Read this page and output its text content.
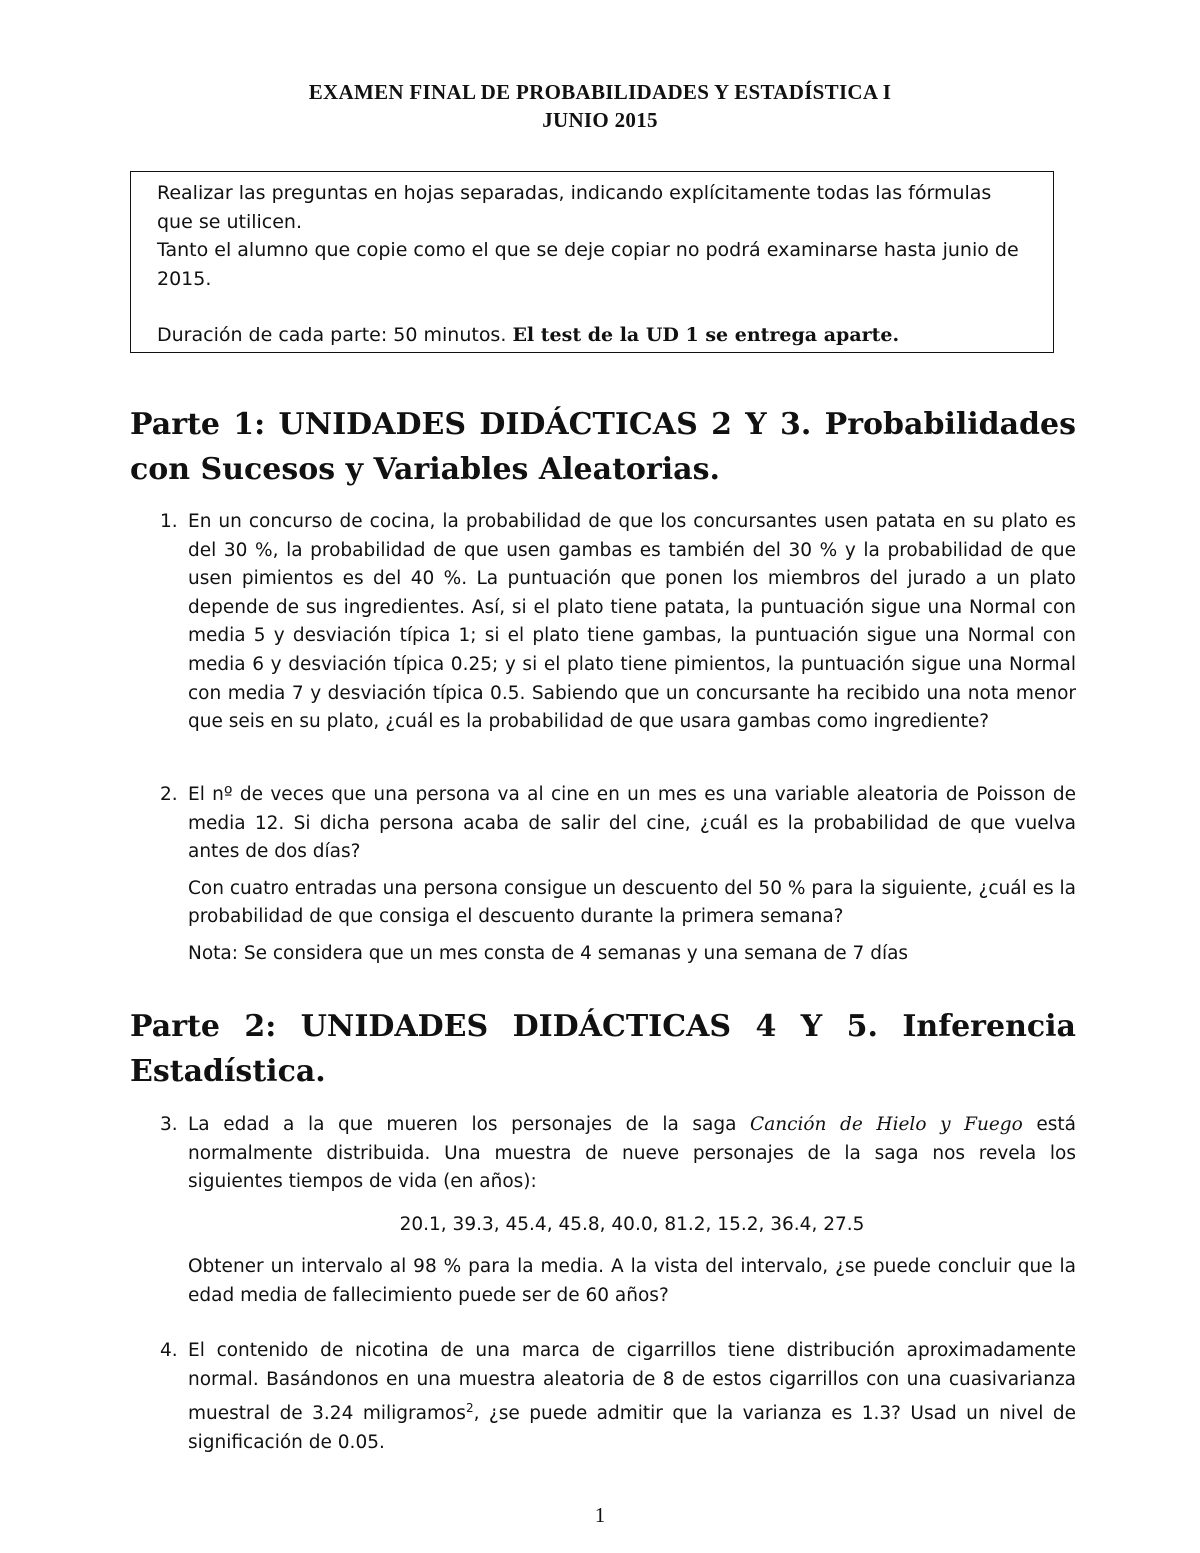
EXAMEN FINAL DE PROBABILIDADES Y ESTADÍSTICA I
JUNIO 2015

Realizar las preguntas en hojas separadas, indicando explícitamente todas las fórmulas que se utilicen.

Tanto el alumno que copie como el que se deje copiar no podrá examinarse hasta junio de 2015.

Duración de cada parte: 50 minutos. El test de la UD 1 se entrega aparte.

Parte 1: UNIDADES DIDÁCTICAS 2 Y 3. Probabilidades con Sucesos y Variables Aleatorias.
1. En un concurso de cocina, la probabilidad de que los concursantes usen patata en su plato es del 30 %, la probabilidad de que usen gambas es también del 30 % y la probabilidad de que usen pimientos es del 40 %. La puntuación que ponen los miembros del jurado a un plato depende de sus ingredientes. Así, si el plato tiene patata, la puntuación sigue una Normal con media 5 y desviación típica 1; si el plato tiene gambas, la puntuación sigue una Normal con media 6 y desviación típica 0.25; y si el plato tiene pimientos, la puntuación sigue una Normal con media 7 y desviación típica 0.5. Sabiendo que un concursante ha recibido una nota menor que seis en su plato, ¿cuál es la probabilidad de que usara gambas como ingrediente?

2. El nº de veces que una persona va al cine en un mes es una variable aleatoria de Poisson de media 12. Si dicha persona acaba de salir del cine, ¿cuál es la probabilidad de que vuelva antes de dos días?

Con cuatro entradas una persona consigue un descuento del 50 % para la siguiente, ¿cuál es la probabilidad de que consiga el descuento durante la primera semana?

Nota: Se considera que un mes consta de 4 semanas y una semana de 7 días

Parte 2: UNIDADES DIDÁCTICAS 4 Y 5. Inferencia Estadística.
3. La edad a la que mueren los personajes de la saga Canción de Hielo y Fuego está normalmente distribuida. Una muestra de nueve personajes de la saga nos revela los siguientes tiempos de vida (en años):

20.1, 39.3, 45.4, 45.8, 40.0, 81.2, 15.2, 36.4, 27.5

Obtener un intervalo al 98 % para la media. A la vista del intervalo, ¿se puede concluir que la edad media de fallecimiento puede ser de 60 años?

4. El contenido de nicotina de una marca de cigarrillos tiene distribución aproximadamente normal. Basándonos en una muestra aleatoria de 8 de estos cigarrillos con una cuasivarianza muestral de 3.24 miligramos$^2$, ¿se puede admitir que la varianza es 1.3? Usad un nivel de significación de 0.05.

1
